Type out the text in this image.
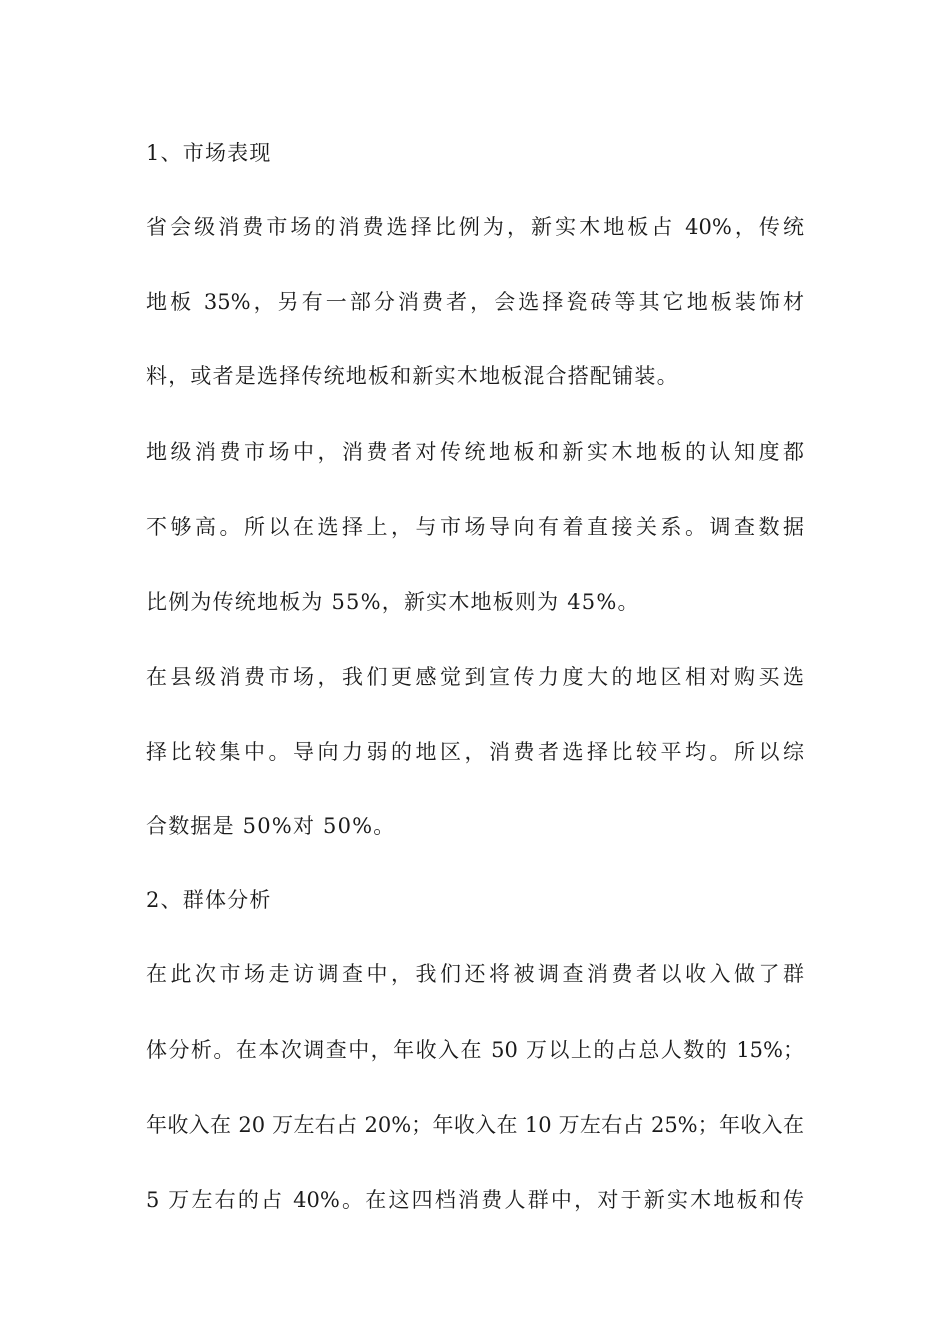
1、市场表现
省会级消费市场的消费选择比例为，新实木地板占 40%，传统
地板 35%，另有一部分消费者，会选择瓷砖等其它地板装饰材
料，或者是选择传统地板和新实木地板混合搭配铺装。
地级消费市场中，消费者对传统地板和新实木地板的认知度都
不够高。所以在选择上，与市场导向有着直接关系。调查数据
比例为传统地板为 55%，新实木地板则为 45%。
在县级消费市场，我们更感觉到宣传力度大的地区相对购买选
择比较集中。导向力弱的地区，消费者选择比较平均。所以综
合数据是 50%对 50%。
2、群体分析
在此次市场走访调查中，我们还将被调查消费者以收入做了群
体分析。在本次调查中，年收入在 50 万以上的占总人数的 15%；
年收入在 20 万左右占 20%；年收入在 10 万左右占 25%；年收入在
5 万左右的占 40%。在这四档消费人群中，对于新实木地板和传
